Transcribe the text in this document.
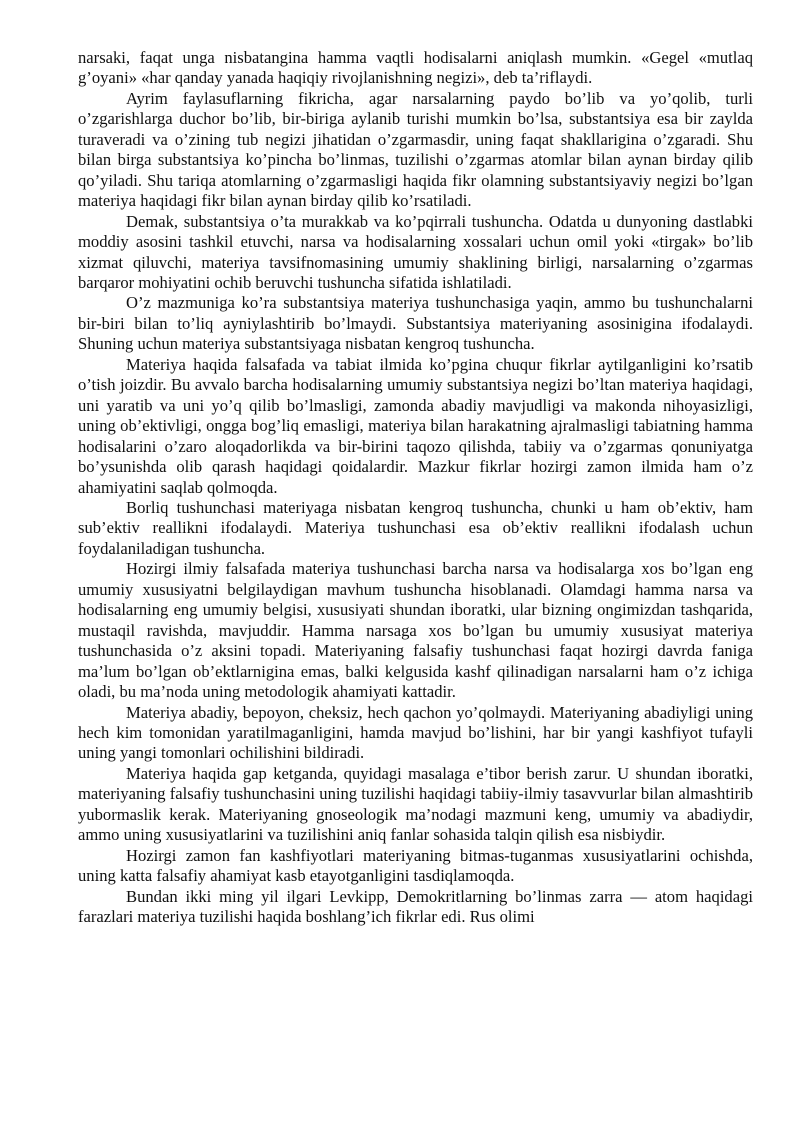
narsaki, faqat unga nisbatangina hamma vaqtli hodisalarni aniqlash mumkin. «Gegel «mutlaq g’oyani» «har qanday yanada haqiqiy rivojlanishning negizi», deb ta’riflaydi.

Ayrim faylasuflarning fikricha, agar narsalarning paydo bo’lib va yo’qolib, turli o’zgarishlarga duchor bo’lib, bir-biriga aylanib turishi mumkin bo’lsa, substantsiya esa bir zaylda turaveradi va o’zining tub negizi jihatidan o’zgarmasdir, uning faqat shakllarigina o’zgaradi. Shu bilan birga substantsiya ko’pincha bo’linmas, tuzilishi o’zgarmas atomlar bilan aynan birday qilib qo’yiladi. Shu tariqa atomlarning o’zgarmasligi haqida fikr olamning substantsiyaviy negizi bo’lgan materiya haqidagi fikr bilan aynan birday qilib ko’rsatiladi.

Demak, substantsiya o’ta murakkab va ko’pqirrali tushuncha. Odatda u dunyoning dastlabki moddiy asosini tashkil etuvchi, narsa va hodisalarning xossalari uchun omil yoki «tirgak» bo’lib xizmat qiluvchi, materiya tavsifnomasining umumiy shaklining birligi, narsalarning o’zgarmas barqaror mohiyatini ochib beruvchi tushuncha sifatida ishlatiladi.

O’z mazmuniga ko’ra substantsiya materiya tushunchasiga yaqin, ammo bu tushunchalarni bir-biri bilan to’liq ayniylashtirib bo’lmaydi. Substantsiya materiyaning asosinigina ifodalaydi. Shuning uchun materiya substantsiyaga nisbatan kengroq tushuncha.

Materiya haqida falsafada va tabiat ilmida ko’pgina chuqur fikrlar aytilganligini ko’rsatib o’tish joizdir. Bu avvalo barcha hodisalarning umumiy substantsiya negizi bo’ltan materiya haqidagi, uni yaratib va uni yo’q qilib bo’lmasligi, zamonda abadiy mavjudligi va makonda nihoyasizligi, uning ob’ektivligi, ongga bog’liq emasligi, materiya bilan harakatning ajralmasligi tabiatning hamma hodisalarini o’zaro aloqadorlikda va bir-birini taqozo qilishda, tabiiy va o’zgarmas qonuniyatga bo’ysunishda olib qarash haqidagi qoidalardir. Mazkur fikrlar hozirgi zamon ilmida ham o’z ahamiyatini saqlab qolmoqda.

Borliq tushunchasi materiyaga nisbatan kengroq tushuncha, chunki u ham ob’ektiv, ham sub’ektiv reallikni ifodalaydi. Materiya tushunchasi esa ob’ektiv reallikni ifodalash uchun foydalaniladigan tushuncha.

Hozirgi ilmiy falsafada materiya tushunchasi barcha narsa va hodisalarga xos bo’lgan eng umumiy xususiyatni belgilaydigan mavhum tushuncha hisoblanadi. Olamdagi hamma narsa va hodisalarning eng umumiy belgisi, xususiyati shundan iboratki, ular bizning ongimizdan tashqarida, mustaqil ravishda, mavjuddir. Hamma narsaga xos bo’lgan bu umumiy xususiyat materiya tushunchasida o’z aksini topadi. Materiyaning falsafiy tushunchasi faqat hozirgi davrda faniga ma’lum bo’lgan ob’ektlarnigina emas, balki kelgusida kashf qilinadigan narsalarni ham o’z ichiga oladi, bu ma’noda uning metodologik ahamiyati kattadir.

Materiya abadiy, bepoyon, cheksiz, hech qachon yo’qolmaydi. Materiyaning abadiyligi uning hech kim tomonidan yaratilmaganligini, hamda mavjud bo’lishini, har bir yangi kashfiyot tufayli uning yangi tomonlari ochilishini bildiradi.

Materiya haqida gap ketganda, quyidagi masalaga e’tibor berish zarur. U shundan iboratki, materiyaning falsafiy tushunchasini uning tuzilishi haqidagi tabiiy-ilmiy tasavvurlar bilan almashtirib yubormaslik kerak. Materiyaning gnoseologik ma’nodagi mazmuni keng, umumiy va abadiydir, ammo uning xususiyatlarini va tuzilishini aniq fanlar sohasida talqin qilish esa nisbiydir.

Hozirgi zamon fan kashfiyotlari materiyaning bitmas-tuganmas xususiyatlarini ochishda, uning katta falsafiy ahamiyat kasb etayotganligini tasdiqlamoqda.

Bundan ikki ming yil ilgari Levkipp, Demokritlarning bo’linmas zarra — atom haqidagi farazlari materiya tuzilishi haqida boshlang’ich fikrlar edi. Rus olimi
